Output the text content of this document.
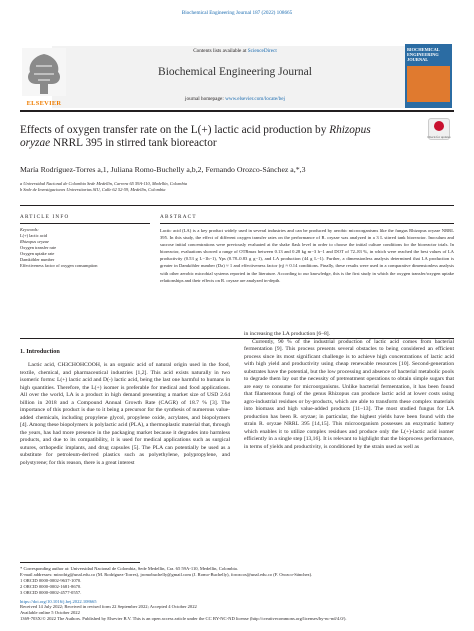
Biochemical Engineering Journal 187 (2022) 108665
ELSEVIER
Contents lists available at ScienceDirect
Biochemical Engineering Journal
journal homepage: www.elsevier.com/locate/bej
BIOCHEMICAL ENGINEERING JOURNAL
Effects of oxygen transfer rate on the L(+) lactic acid production by Rhizopus oryzae NRRL 395 in stirred tank bioreactor	Check for updates
María Rodríguez-Torres a,1, Juliana Romo-Buchelly a,b,2, Fernando Orozco-Sánchez a,*,3
a Universidad Nacional de Colombia Sede Medellín, Carrera 65 59A-110, Medellín, Colombia
b Sede de Investigaciones Universitarias SIU, Calle 62 52-59, Medellín, Colombia
ARTICLE INFO	ABSTRACT
Keywords:
L(+) lactic acid
Rhizopus oryzae
Oxygen transfer rate
Oxygen uptake rate
Damköhler number
Effectiveness factor of oxygen consumption
Lactic acid (LA) is a key product widely used in several industries and can be produced by aerobic microorganisms like the fungus Rhizopus oryzae NRRL 395. In this study, the effect of different oxygen transfer rates on the performance of R. oryzae was analyzed in a 3 L stirred tank bioreactor. Inoculum and sucrose initial concentrations were previously evaluated at the shake flask level in order to choose the initial culture conditions for the bioreactor trials. In bioreactor, evaluations showed a range of OTRmax between 0.13 and 0.28 kg m−3 h−1 and DOT of 72–83 %, in which were reached the best values of LA productivity (0.53 g L−1h−1), Yps (0.78–0.83 g g−1), and LA production (44 g L−1). Further, a dimensionless analysis determined that LA production is greater in Damköhler number (Da) ≈ 1 and effectiveness factor (η) ≈ 0.14 conditions. Finally, these results were used in a comparative dimensionless analysis with other aerobic microbial systems reported in the literature. According to our knowledge, this is the first study in which the oxygen transfer/oxygen uptake relationships and their effects on R. oryzae are analyzed in-depth.
1. Introduction

Lactic acid, CH3CHOHCOOH, is an organic acid of natural origin used in the food, textile, chemical, and pharmaceutical industries [1,2]. This acid exists naturally in two isomeric forms: L(+) lactic acid and D(-) lactic acid, being the last one harmful to humans in high quantities. Therefore, the L(+) isomer is preferable for medical and food applications. All over the world, LA is a product in high demand presenting a market size of USD 2.64 billion in 2018 and a Compound Annual Growth Rate (CAGR) of 18.7 % [3]. The importance of this product is due to it being a precursor for the synthesis of numerous value-added chemicals, including propylene glycol, propylene oxide, acrylates, and biopolymers [4]. Among these biopolymers is polylactic acid (PLA), a thermoplastic material that, through the years, has had more presence in the packaging market because it degrades into harmless products, and due to its compatibility, it is used for medical applications such as surgical sutures, orthopedic implants, and drug capsules [5]. The PLA can potentially be used as a substitute for petroleum-derived plastics such as polyethylene, polypropylene, and polystyrene; for this reason, there is a great interest

in increasing the LA production [6–8].

Currently, 90 % of the industrial production of lactic acid comes from bacterial fermentation [9]. This process presents several obstacles to being considered an efficient process since its most significant challenge is to achieve high concentrations of lactic acid with high yield and productivity using cheap renewable resources [10]. Second-generation substrates have the potential, but the low processing and absence of bacterial metabolic pools to degrade them lay out the necessity of pretreatment operations to obtain simple sugars that are easy to consume for microorganisms. Unlike bacterial fermentation, it has been found that filamentous fungi of the genus Rhizopus can produce lactic acid at lower costs using agro-industrial residues or by-products, which are able to transform these complex materials into biomass and high value-added products [11–13]. The most studied fungus for LA production has been R. oryzae; in particular, the highest yields have been found with the strain R. oryzae NRRL 395 [14,15]. This microorganism possesses an enzymatic battery which enables it to utilize complex residues and produce only the L(+)-lactic acid isomer efficiently in a single step [13,16]. It is relevant to highlight that the bioprocess performance, in terms of yields and productivity, is conditioned by the strain used as well as

* Corresponding author at: Universidad Nacional de Colombia, Sede Medellín, Cra. 65 59A-110, Medellín, Colombia.
E-mail addresses: mirodrig@unal.edu.co (M. Rodríguez-Torres), jromobuchelly@gmail.com (J. Romo-Buchelly), forozcos@unal.edu.co (F. Orozco-Sánchez).
1 ORCID 0000-0002-9637-1070.
2 ORCID 0000-0002-1681-8670.
3 ORCID 0000-0002-4577-0557.
https://doi.org/10.1016/j.bej.2022.108665
Received 14 July 2022; Received in revised form 22 September 2022; Accepted 4 October 2022
Available online 5 October 2022
1369-703X/© 2022 The Authors. Published by Elsevier B.V. This is an open access article under the CC BY-NC-ND license (http://creativecommons.org/licenses/by-nc-nd/4.0/).
